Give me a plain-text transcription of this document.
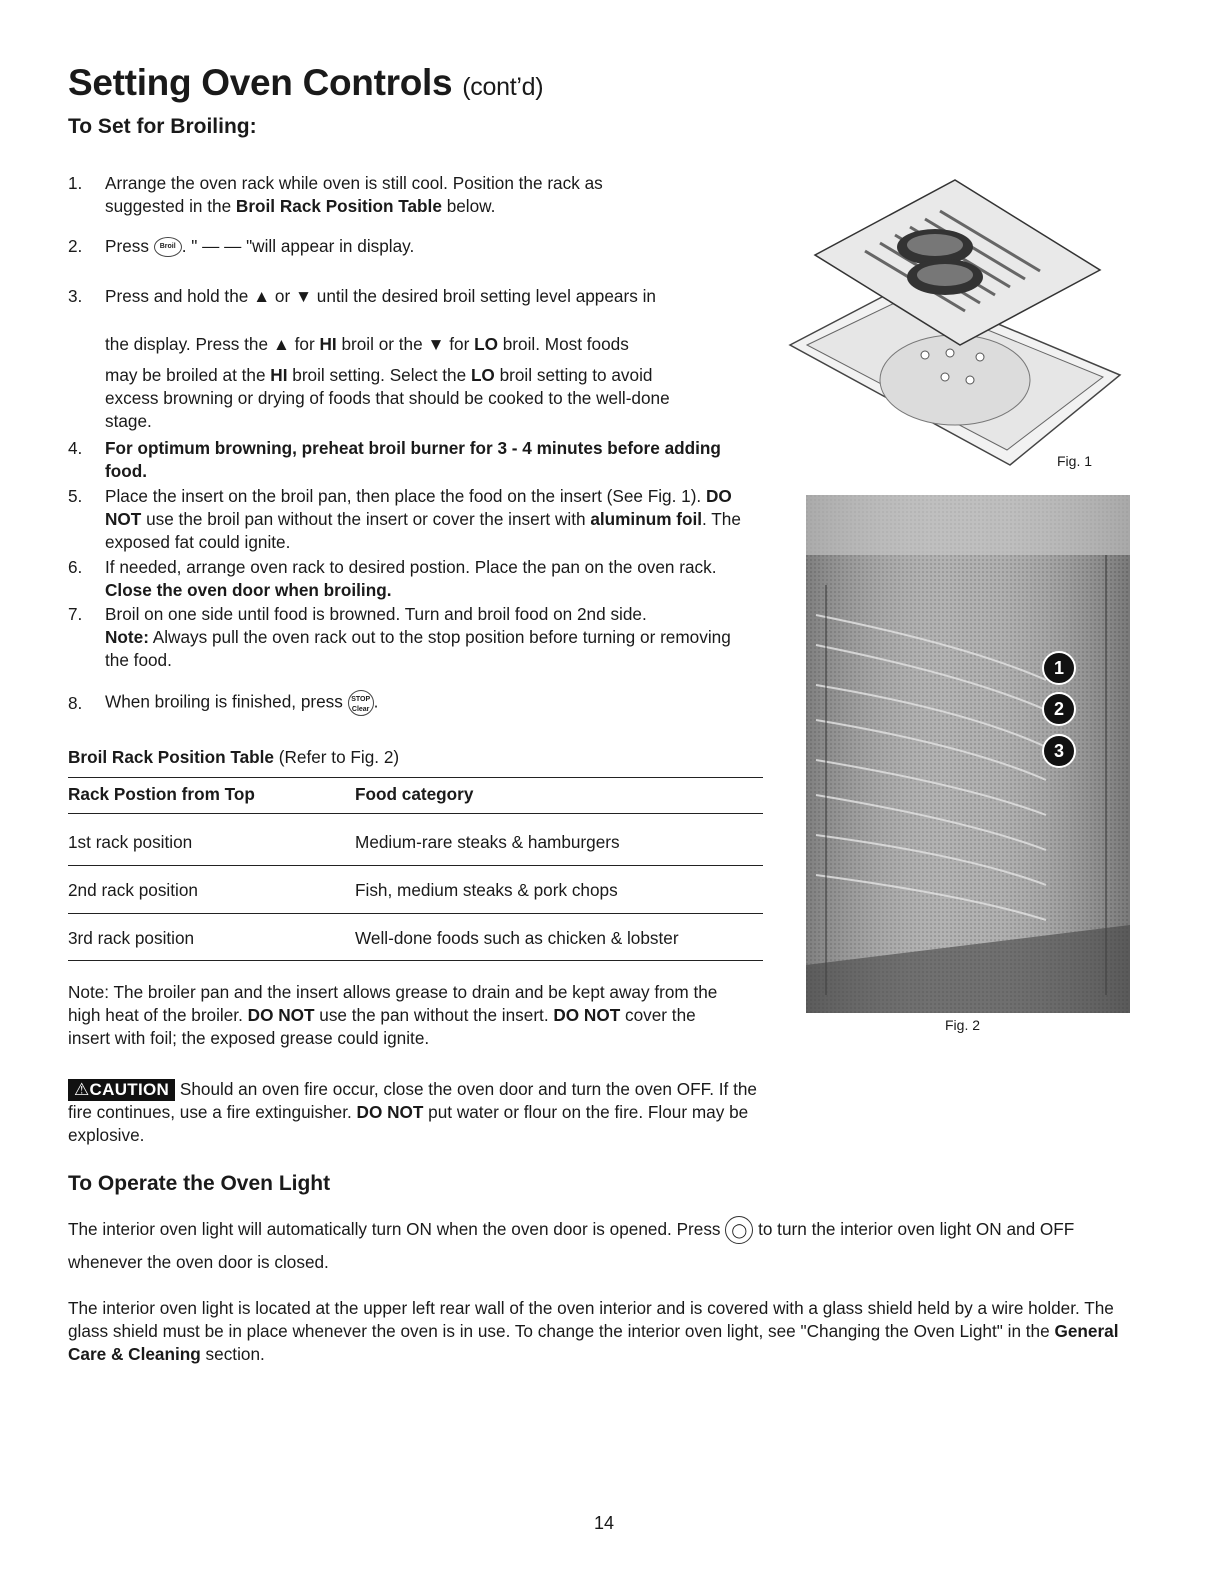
Setting Oven Controls (cont’d)
To Set for Broiling:
1. Arrange the oven rack while oven is still cool. Position the rack as
suggested in the Broil Rack Position Table below.
2. Press Broil . " — — "will appear in display.
3. Press and hold the ▲ or ▼ until the desired broil setting level appears in
the display. Press the ▲ for HI broil or the ▼ for LO broil. Most foods

may be broiled at the HI broil setting. Select the LO broil setting to avoid
excess browning or drying of foods that should be cooked to the well-done
stage.
4. For optimum browning, preheat broil burner for 3 - 4 minutes before adding food.
5. Place the insert on the broil pan, then place the food on the insert (See Fig. 1). DO NOT use the broil pan without the insert or cover the insert with aluminum foil. The exposed fat could ignite.
6. If needed, arrange oven rack to desired postion. Place the pan on the oven rack. Close the oven door when broiling.
7. Broil on one side until food is browned. Turn and broil food on 2nd side.
Note: Always pull the oven rack out to the stop position before turning or removing the food.
8. When broiling is finished, press	STOP
Clear .
Broil Rack Position Table (Refer to Fig. 2)
Rack Postion from Top	Food category
1st rack position	Medium-rare steaks & hamburgers
2nd rack position	Fish, medium steaks & pork chops
3rd rack position	Well-done foods such as chicken & lobster
Note: The broiler pan and the insert allows grease to drain and be kept away from the high heat of the broiler. DO NOT use the pan without the insert. DO NOT cover the insert with foil; the exposed grease could ignite.
⚠CAUTION Should an oven fire occur, close the oven door and turn the oven OFF. If the fire continues, use a fire extinguisher. DO NOT put water or flour on the fire. Flour may be explosive.
To Operate the Oven Light
The interior oven light will automatically turn ON when the oven door is opened. Press ◯ to turn the interior oven light ON and OFF whenever the oven door is closed.
The interior oven light is located at the upper left rear wall of the oven interior and is covered with a glass shield held by a wire holder. The glass shield must be in place whenever the oven is in use. To change the interior oven light, see "Changing the Oven Light" in the General Care & Cleaning section.
Fig. 1
1
2
3
Fig. 2
14
